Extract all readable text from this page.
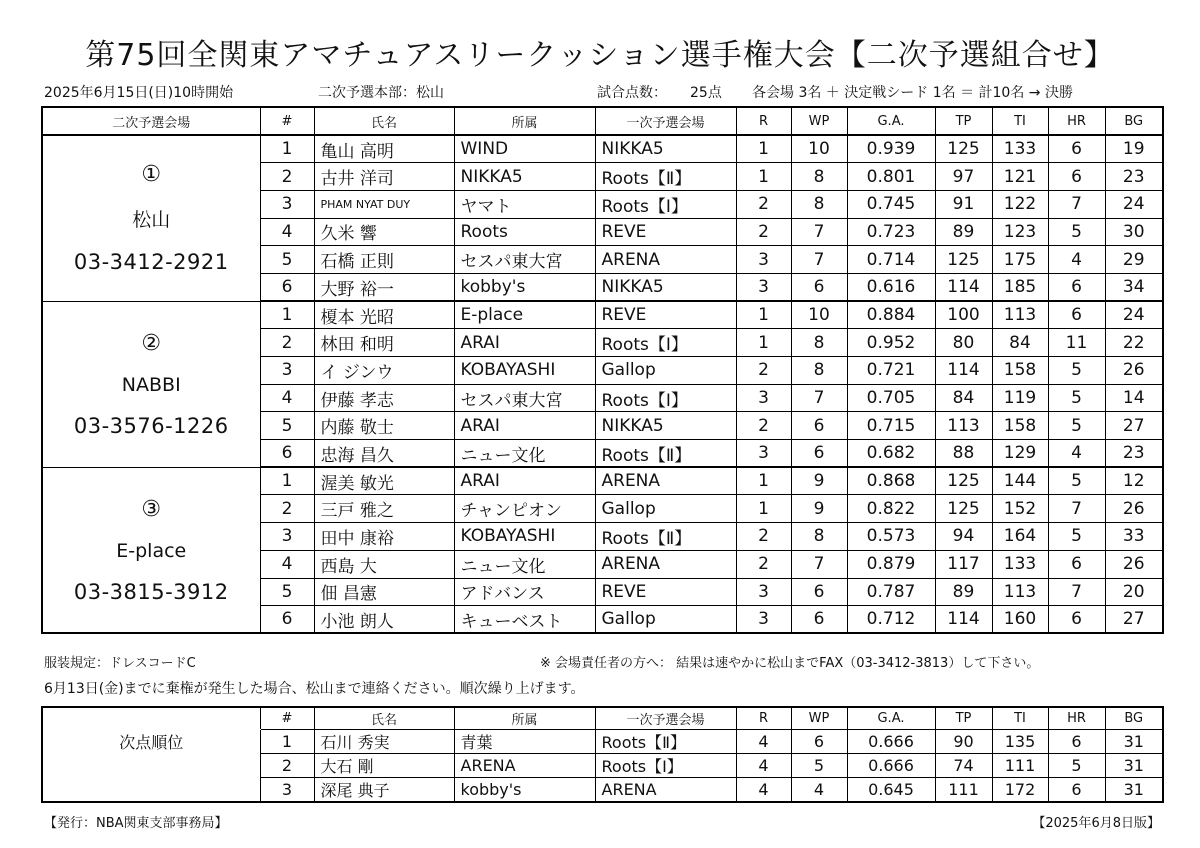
第75回全関東アマチュアスリークッション選手権大会【二次予選組合せ】
2025年6月15日(日)10時開始	二次予選本部：松山	試合点数： 25点 各会場 3名 ＋ 決定戦シード 1名 ＝ 計10名 → 決勝
二次予選会場	#	氏名	所属	一次予選会場	R	WP	G.A.	TP	TI	HR	BG

①
松山
03-3412-2921	1	亀山 高明	WIND	NIKKA5	1	10	0.939	125	133	6	19
	2	古井 洋司	NIKKA5	Roots【Ⅱ】	1	8	0.801	97	121	6	23
	3	PHAM NYAT DUY	ヤマト	Roots【Ⅰ】	2	8	0.745	91	122	7	24
	4	久米 響	Roots	REVE	2	7	0.723	89	123	5	30
	5	石橋 正則	セスパ東大宮	ARENA	3	7	0.714	125	175	4	29
	6	大野 裕一	kobby's	NIKKA5	3	6	0.616	114	185	6	34

②
NABBI
03-3576-1226	1	榎本 光昭	E-place	REVE	1	10	0.884	100	113	6	24
	2	林田 和明	ARAI	Roots【Ⅰ】	1	8	0.952	80	84	11	22
	3	イ ジンウ	KOBAYASHI	Gallop	2	8	0.721	114	158	5	26
	4	伊藤 孝志	セスパ東大宮	Roots【Ⅰ】	3	7	0.705	84	119	5	14
	5	内藤 敬士	ARAI	NIKKA5	2	6	0.715	113	158	5	27
	6	忠海 昌久	ニュー文化	Roots【Ⅱ】	3	6	0.682	88	129	4	23

③
E-place
03-3815-3912	1	渥美 敏光	ARAI	ARENA	1	9	0.868	125	144	5	12
	2	三戸 雅之	チャンピオン	Gallop	1	9	0.822	125	152	7	26
	3	田中 康裕	KOBAYASHI	Roots【Ⅱ】	2	8	0.573	94	164	5	33
	4	西島 大	ニュー文化	ARENA	2	7	0.879	117	133	6	26
	5	佃 昌憲	アドバンス	REVE	3	6	0.787	89	113	7	20
	6	小池 朗人	キューベスト	Gallop	3	6	0.712	114	160	6	27
服装規定：ドレスコードC	※ 会場責任者の方へ： 結果は速やかに松山までFAX（03-3412-3813）して下さい。
6月13日(金)までに棄権が発生した場合、松山まで連絡ください。順次繰り上げます。
	#	氏名	所属	一次予選会場	R	WP	G.A.	TP	TI	HR	BG
次点順位	1	石川 秀実	青葉	Roots【Ⅱ】	4	6	0.666	90	135	6	31
	2	大石 剛	ARENA	Roots【Ⅰ】	4	5	0.666	74	111	5	31
	3	深尾 典子	kobby's	ARENA	4	4	0.645	111	172	6	31
【発行：NBA関東支部事務局】	【2025年6月8日版】
